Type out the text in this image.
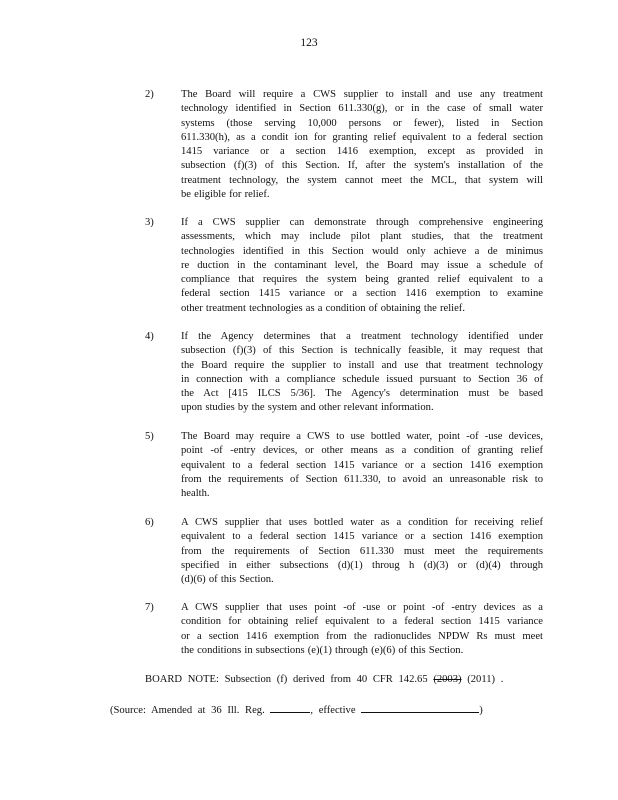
123
2)	The Board will require a CWS supplier to install and use any treatment
technology identified in Section 611.330(g), or in the case of small water
systems (those serving 10,000 persons or fewer), listed in Section
611.330(h), as a condit ion for granting relief equivalent to a federal section
1415 variance or a section 1416 exemption, except as provided in
subsection (f)(3) of this Section. If, after the system's installation of the
treatment technology, the system cannot meet the MCL, that system will
be eligible for relief.
3)	If a CWS supplier can demonstrate through comprehensive engineering
assessments, which may include pilot plant studies, that the treatment
technologies identified in this Section would only achieve a de minimus
re duction in the contaminant level, the Board may issue a schedule of
compliance that requires the system being granted relief equivalent to a
federal section 1415 variance or a section 1416 exemption to examine
other treatment technologies as a condition of obtaining the relief.
4)	If the Agency determines that a treatment technology identified under
subsection (f)(3) of this Section is technically feasible, it may request that
the Board require the supplier to install and use that treatment technology
in connection with a compliance schedule issued pursuant to Section 36 of
the Act [415 ILCS 5/36]. The Agency's determination must be based
upon studies by the system and other relevant information.
5)	The Board may require a CWS to use bottled water, point -of -use devices,
point -of -entry devices, or other means as a condition of granting relief
equivalent to a federal section 1415 variance or a section 1416 exemption
from the requirements of Section 611.330, to avoid an unreasonable risk to
health.
6)	A CWS supplier that uses bottled water as a condition for receiving relief
equivalent to a federal section 1415 variance or a section 1416 exemption
from the requirements of Section 611.330 must meet the requirements
specified in either subsections (d)(1) throug h (d)(3) or (d)(4) through
(d)(6) of this Section.
7)	A CWS supplier that uses point -of -use or point -of -entry devices as a
condition for obtaining relief equivalent to a federal section 1415 variance
or a section 1416 exemption from the radionuclides NPDW Rs must meet
the conditions in subsections (e)(1) through (e)(6) of this Section.
BOARD NOTE: Subsection (f) derived from 40 CFR 142.65 (2003) (2011) .
(Source: Amended at 36 Ill. Reg.	, effective	)
